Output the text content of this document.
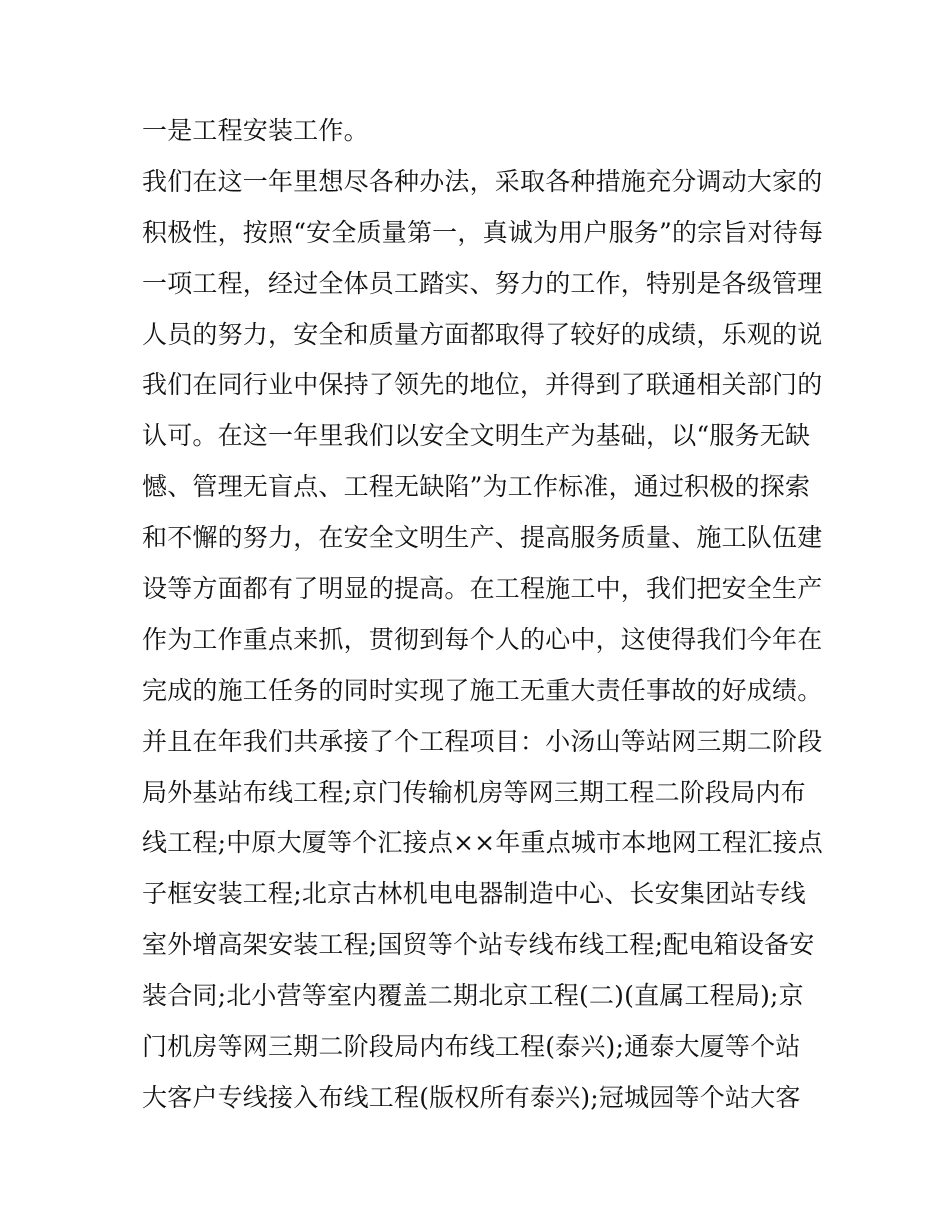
一是工程安装工作。
我们在这一年里想尽各种办法，采取各种措施充分调动大家的
积极性，按照“安全质量第一，真诚为用户服务”的宗旨对待每
一项工程，经过全体员工踏实、努力的工作，特别是各级管理
人员的努力，安全和质量方面都取得了较好的成绩，乐观的说
我们在同行业中保持了领先的地位，并得到了联通相关部门的
认可。在这一年里我们以安全文明生产为基础，以“服务无缺
憾、管理无盲点、工程无缺陷”为工作标准，通过积极的探索
和不懈的努力，在安全文明生产、提高服务质量、施工队伍建
设等方面都有了明显的提高。在工程施工中，我们把安全生产
作为工作重点来抓，贯彻到每个人的心中，这使得我们今年在
完成的施工任务的同时实现了施工无重大责任事故的好成绩。
并且在年我们共承接了个工程项目：小汤山等站网三期二阶段
局外基站布线工程;京门传输机房等网三期工程二阶段局内布
线工程;中原大厦等个汇接点××年重点城市本地网工程汇接点
子框安装工程;北京古林机电电器制造中心、长安集团站专线
室外增高架安装工程;国贸等个站专线布线工程;配电箱设备安
装合同;北小营等室内覆盖二期北京工程(二)(直属工程局);京
门机房等网三期二阶段局内布线工程(泰兴);通泰大厦等个站
大客户专线接入布线工程(版权所有泰兴);冠城园等个站大客
